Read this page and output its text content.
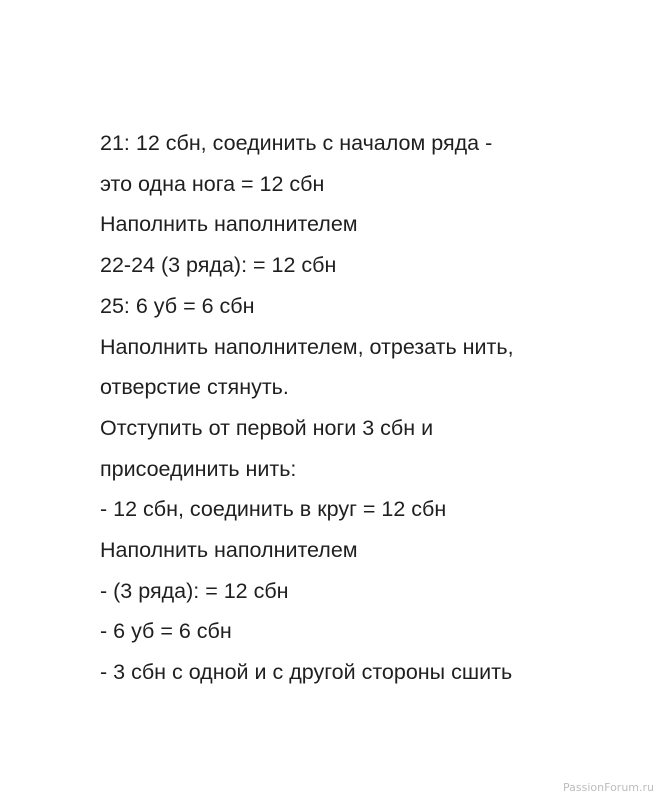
21: 12 сбн, соединить с началом ряда -
это одна нога = 12 сбн
Наполнить наполнителем
22-24 (3 ряда): = 12 сбн
25: 6 уб = 6 сбн
Наполнить наполнителем, отрезать нить,
отверстие стянуть.
Отступить от первой ноги 3 сбн и
присоединить нить:
- 12 сбн, соединить в круг = 12 сбн
Наполнить наполнителем
- (3 ряда): = 12 сбн
- 6 уб = 6 сбн
- 3 сбн с одной и с другой стороны сшить
PassionForum.ru
